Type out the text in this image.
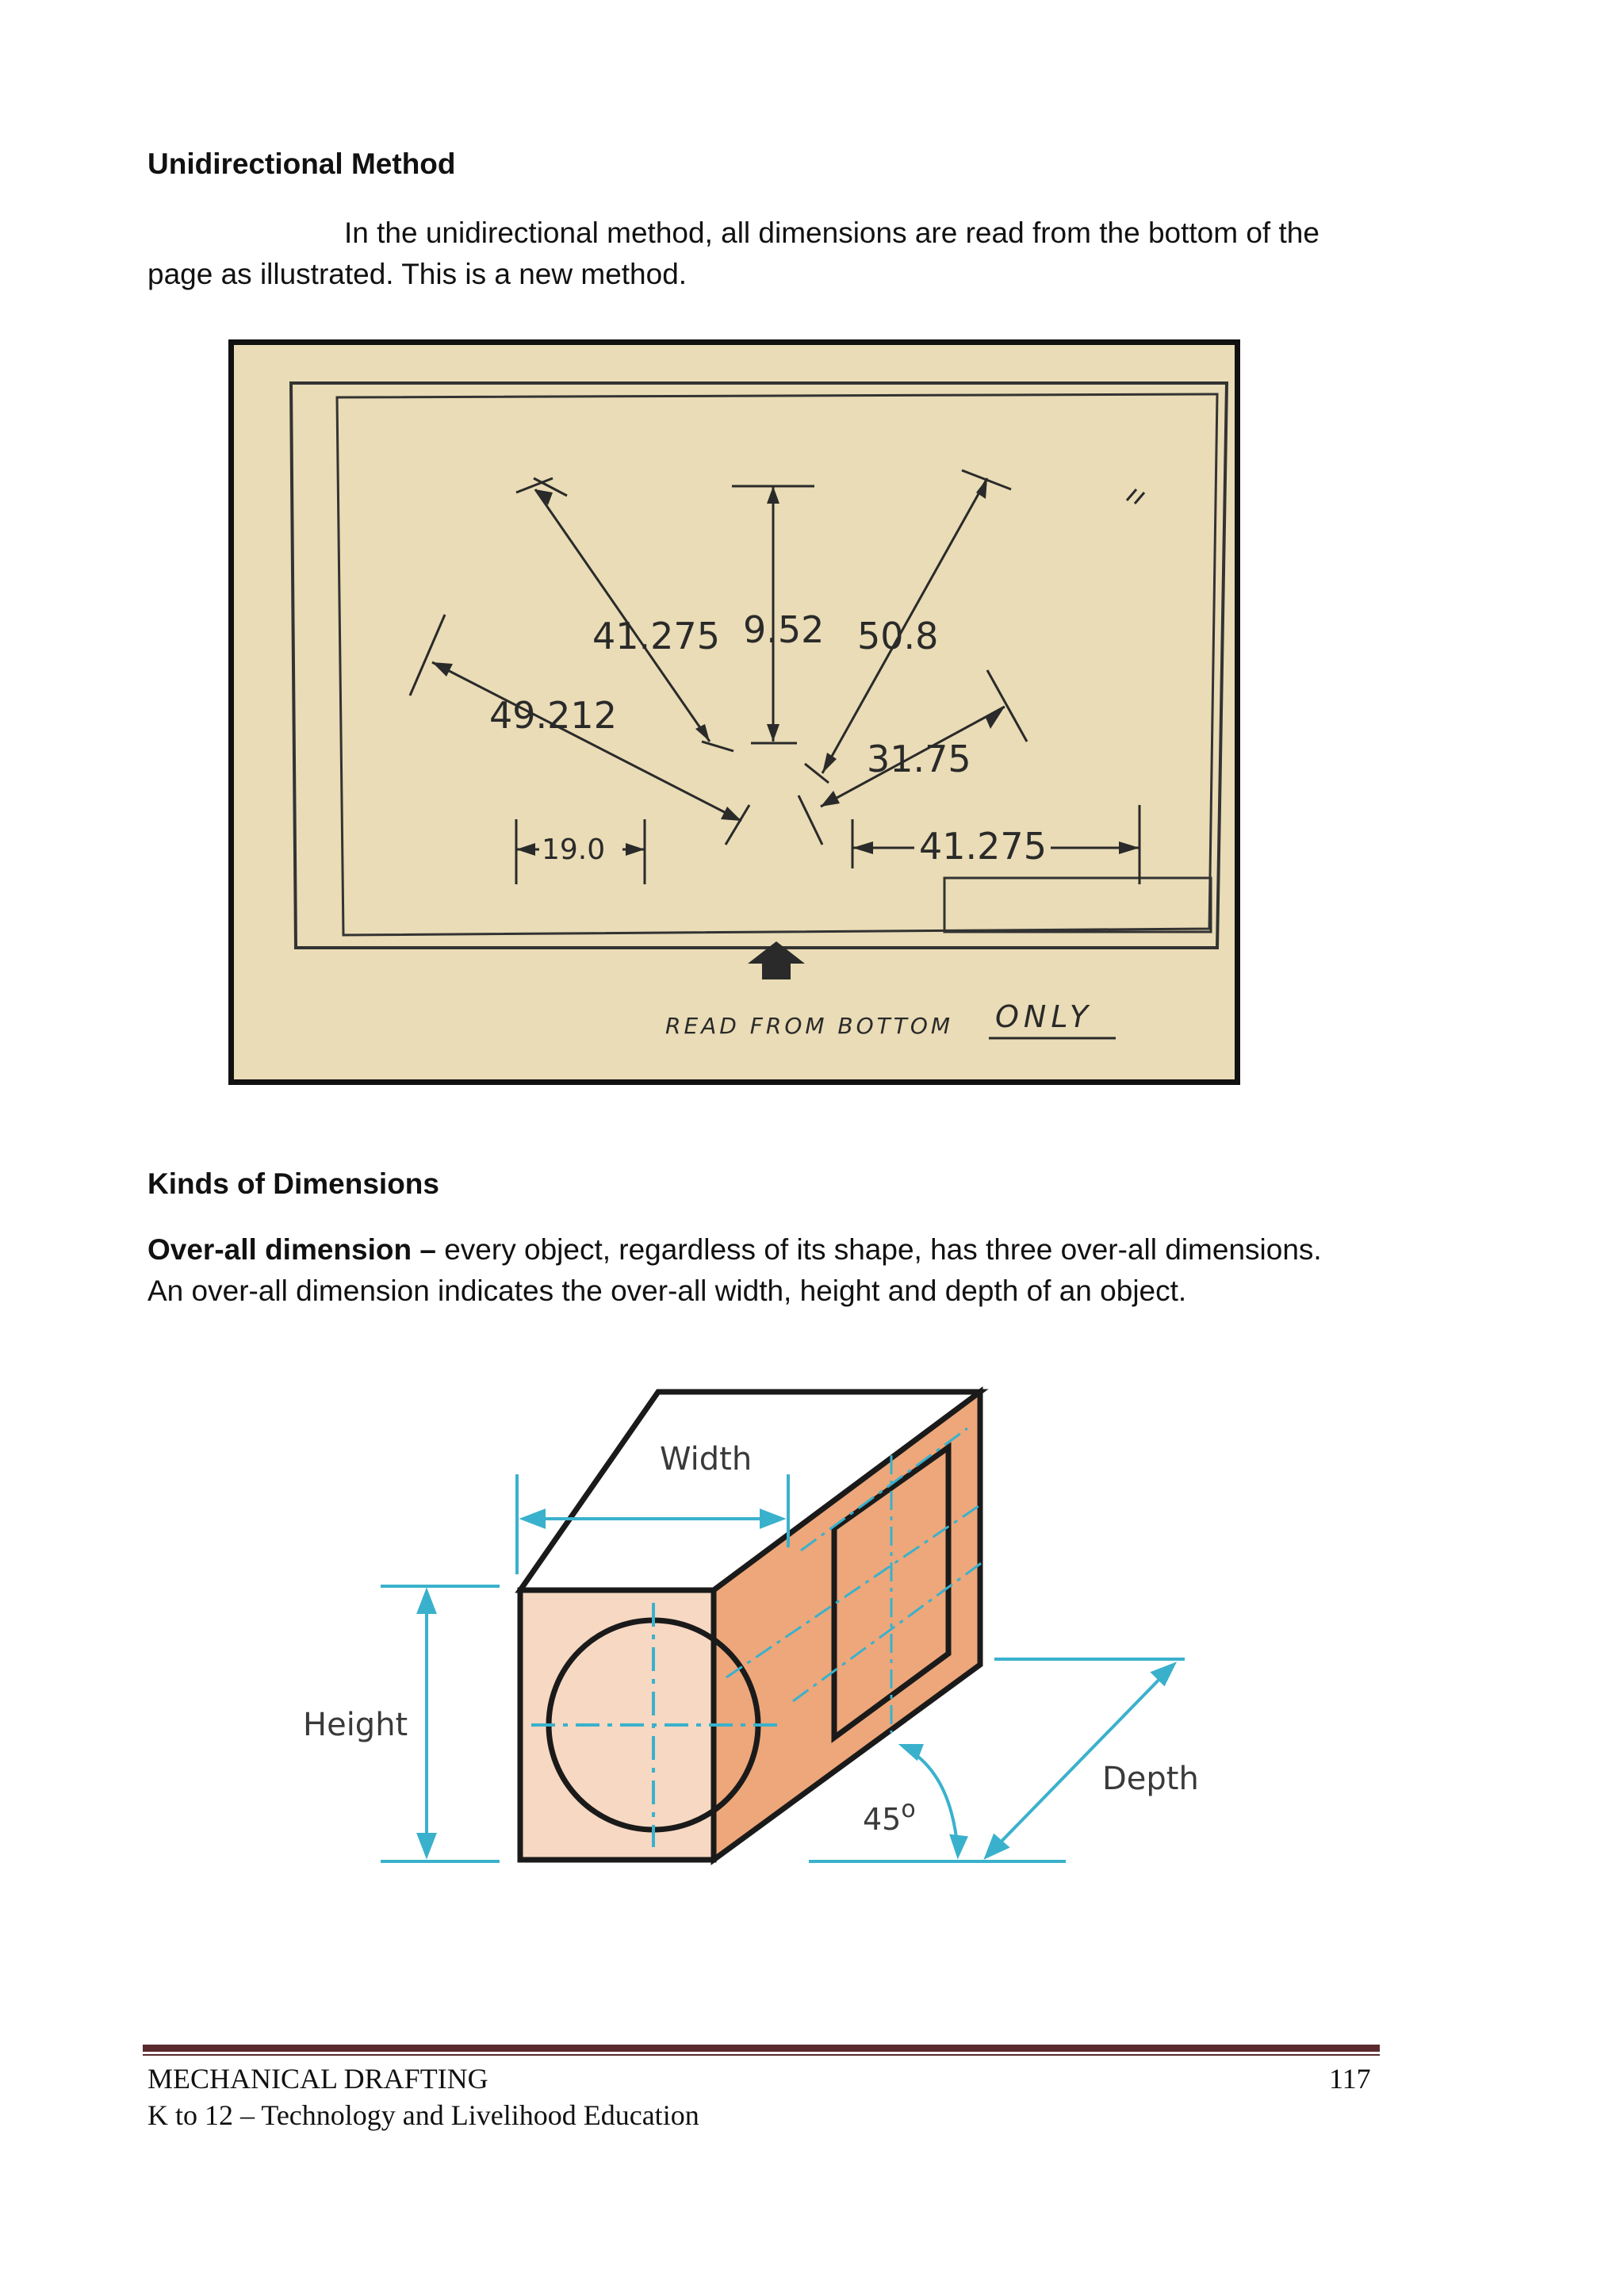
Unidirectional Method
In the unidirectional method, all dimensions are read from the bottom of the
page as illustrated. This is a new method.
41.275 9.52 50.8
49.212
31.75
19.0	41.275
READ FROM BOTTOM ONLY
Kinds of Dimensions
Over-all dimension – every object, regardless of its shape, has three over-all dimensions.
An over-all dimension indicates the over-all width, height and depth of an object.
Width
Height
Depth
45$^o$
MECHANICAL DRAFTING	117
K to 12 – Technology and Livelihood Education
